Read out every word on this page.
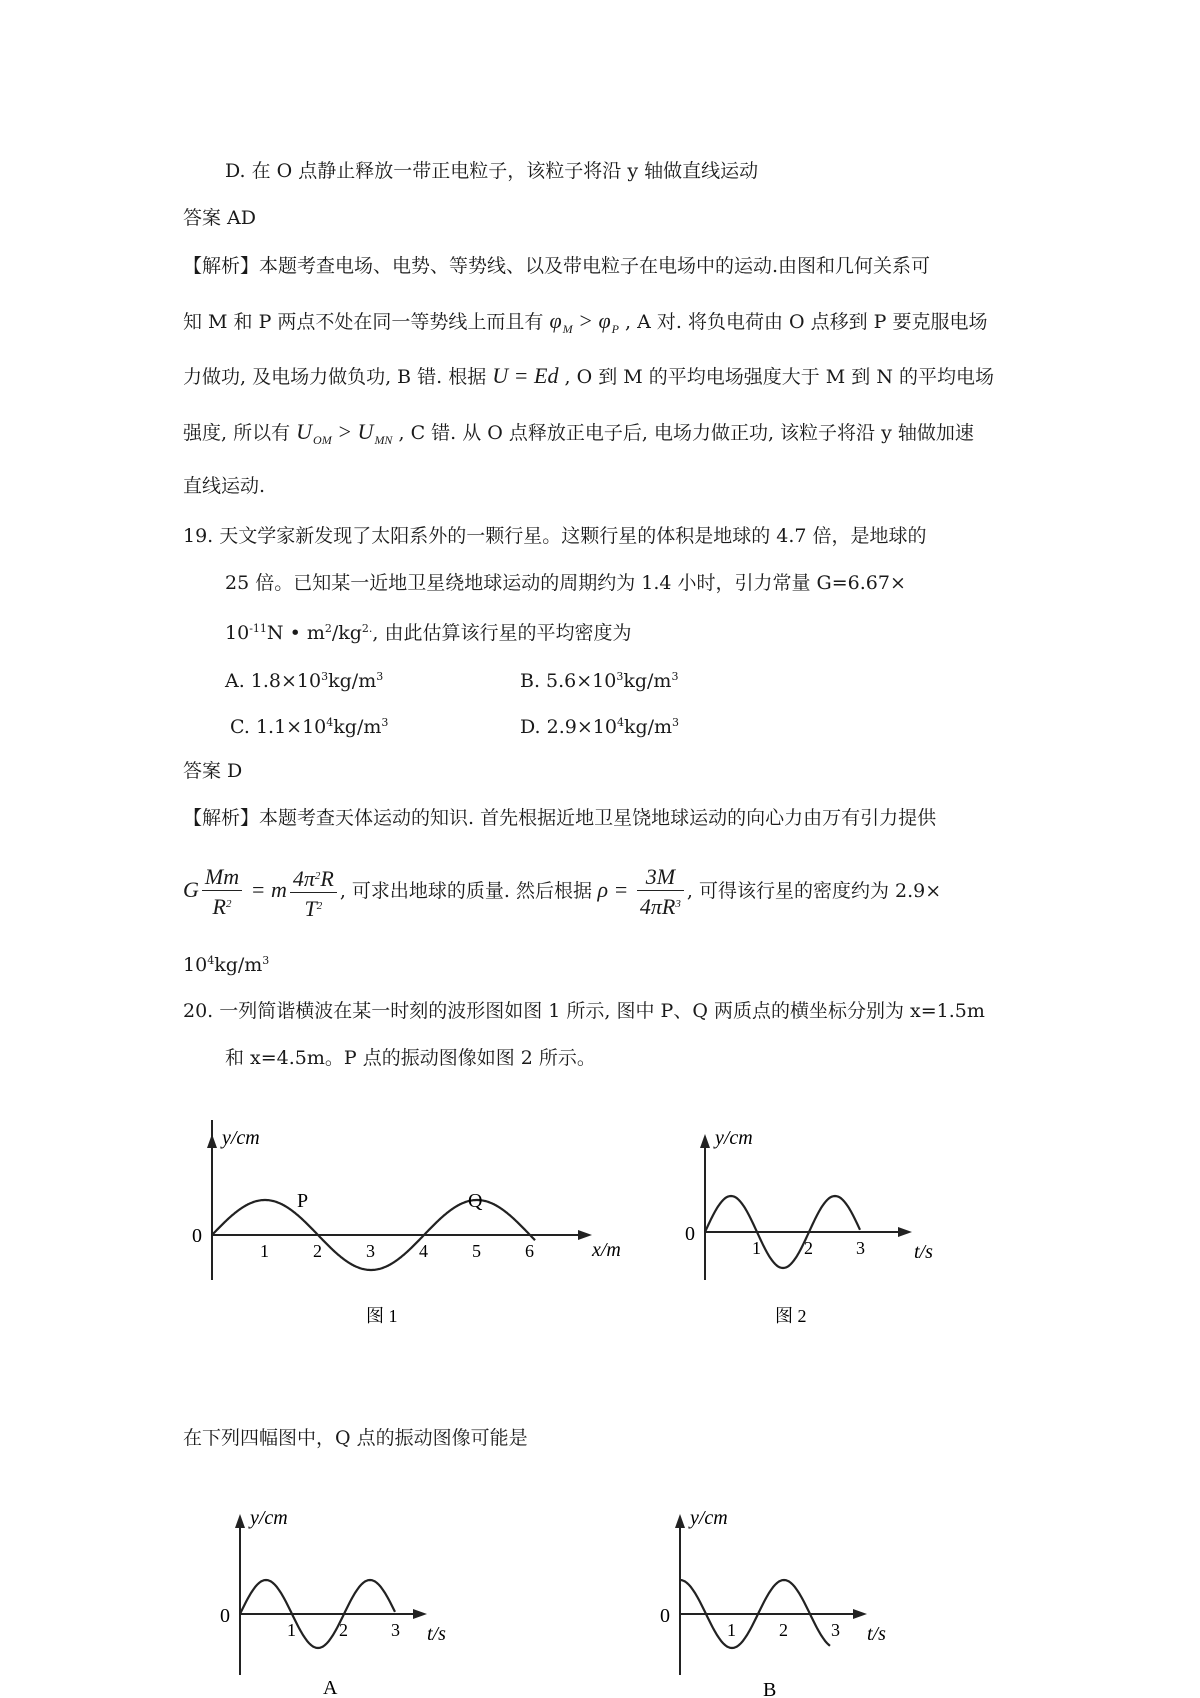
D. 在 O 点静止释放一带正电粒子，该粒子将沿 y 轴做直线运动
答案 AD
【解析】本题考查电场、电势、等势线、以及带电粒子在电场中的运动.由图和几何关系可
知 M 和 P 两点不处在同一等势线上而且有 $\varphi_M > \varphi_P$ , A 对. 将负电荷由 O 点移到 P 要克服电场
力做功, 及电场力做负功, B 错. 根据 U = Ed , O 到 M 的平均电场强度大于 M 到 N 的平均电场
强度, 所以有 $U_{OM} > U_{MN}$ , C 错. 从 O 点释放正电子后, 电场力做正功, 该粒子将沿 y 轴做加速
直线运动.
19. 天文学家新发现了太阳系外的一颗行星。这颗行星的体积是地球的 4.7 倍，是地球的
25 倍。已知某一近地卫星绕地球运动的周期约为 1.4 小时，引力常量 G=6.67×
$10^{-11}N$ • $m^2/kg^{2.}$, 由此估算该行星的平均密度为
A. $1.8\times 10^3kg/m^3$	B. $5.6\times 10^3kg/m^3$
C. $1.1\times 10^4kg/m^3$	D. $2.9\times 10^4kg/m^3$
答案 D
【解析】本题考查天体运动的知识. 首先根据近地卫星饶地球运动的向心力由万有引力提供
G $\frac{Mm}{R^2} = m \frac{4\pi^2R}{T^2}$ , 可求出地球的质量. 然后根据 $\rho = \frac{3M}{4\pi R^3}$ , 可得该行星的密度约为 2.9×
$10^4kg/m^3$
20. 一列简谐横波在某一时刻的波形图如图 1 所示, 图中 P、Q 两质点的横坐标分别为 x=1.5m
和 x=4.5m。P 点的振动图像如图 2 所示。
y/cm
0
x/m
1 2 3 4 5 6
P	Q
图 1
y/cm
0
t/s
1 2 3
图 2
在下列四幅图中，Q 点的振动图像可能是
y/cm
0
t/s
1 2 3
A
y/cm
0
t/s
1 2 3
B
